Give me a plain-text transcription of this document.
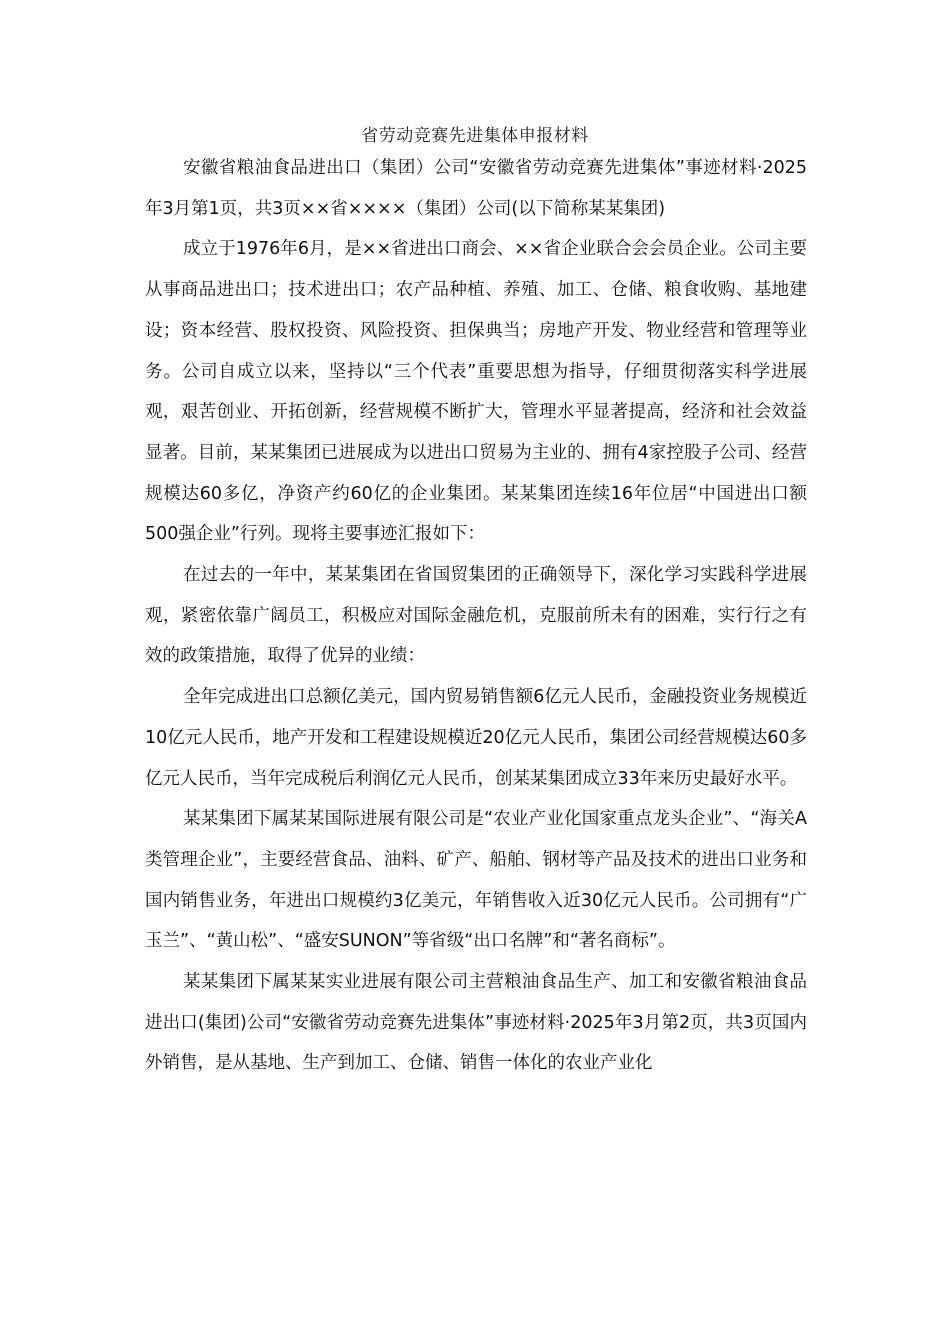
省劳动竞赛先进集体申报材料

安徽省粮油食品进出口（集团）公司“安徽省劳动竞赛先进集体”事迹材料·2025年3月第1页，共3页××省××××（集团）公司(以下简称某某集团)

成立于1976年6月，是××省进出口商会、××省企业联合会会员企业。公司主要从事商品进出口；技术进出口；农产品种植、养殖、加工、仓储、粮食收购、基地建设；资本经营、股权投资、风险投资、担保典当；房地产开发、物业经营和管理等业务。公司自成立以来，坚持以“三个代表”重要思想为指导，仔细贯彻落实科学进展观，艰苦创业、开拓创新，经营规模不断扩大，管理水平显著提高，经济和社会效益显著。目前，某某集团已进展成为以进出口贸易为主业的、拥有4家控股子公司、经营规模达60多亿，净资产约60亿的企业集团。某某集团连续16年位居“中国进出口额500强企业”行列。现将主要事迹汇报如下：

在过去的一年中，某某集团在省国贸集团的正确领导下，深化学习实践科学进展观，紧密依靠广阔员工，积极应对国际金融危机，克服前所未有的困难，实行行之有效的政策措施，取得了优异的业绩：

全年完成进出口总额亿美元，国内贸易销售额6亿元人民币，金融投资业务规模近10亿元人民币，地产开发和工程建设规模近20亿元人民币，集团公司经营规模达60多亿元人民币，当年完成税后利润亿元人民币，创某某集团成立33年来历史最好水平。

某某集团下属某某国际进展有限公司是“农业产业化国家重点龙头企业”、“海关A类管理企业”，主要经营食品、油料、矿产、船舶、钢材等产品及技术的进出口业务和国内销售业务，年进出口规模约3亿美元，年销售收入近30亿元人民币。公司拥有“广玉兰”、“黄山松”、“盛安SUNON”等省级“出口名牌”和“著名商标”。

某某集团下属某某实业进展有限公司主营粮油食品生产、加工和安徽省粮油食品进出口(集团)公司“安徽省劳动竞赛先进集体”事迹材料·2025年3月第2页，共3页国内外销售，是从基地、生产到加工、仓储、销售一体化的农业产业化
